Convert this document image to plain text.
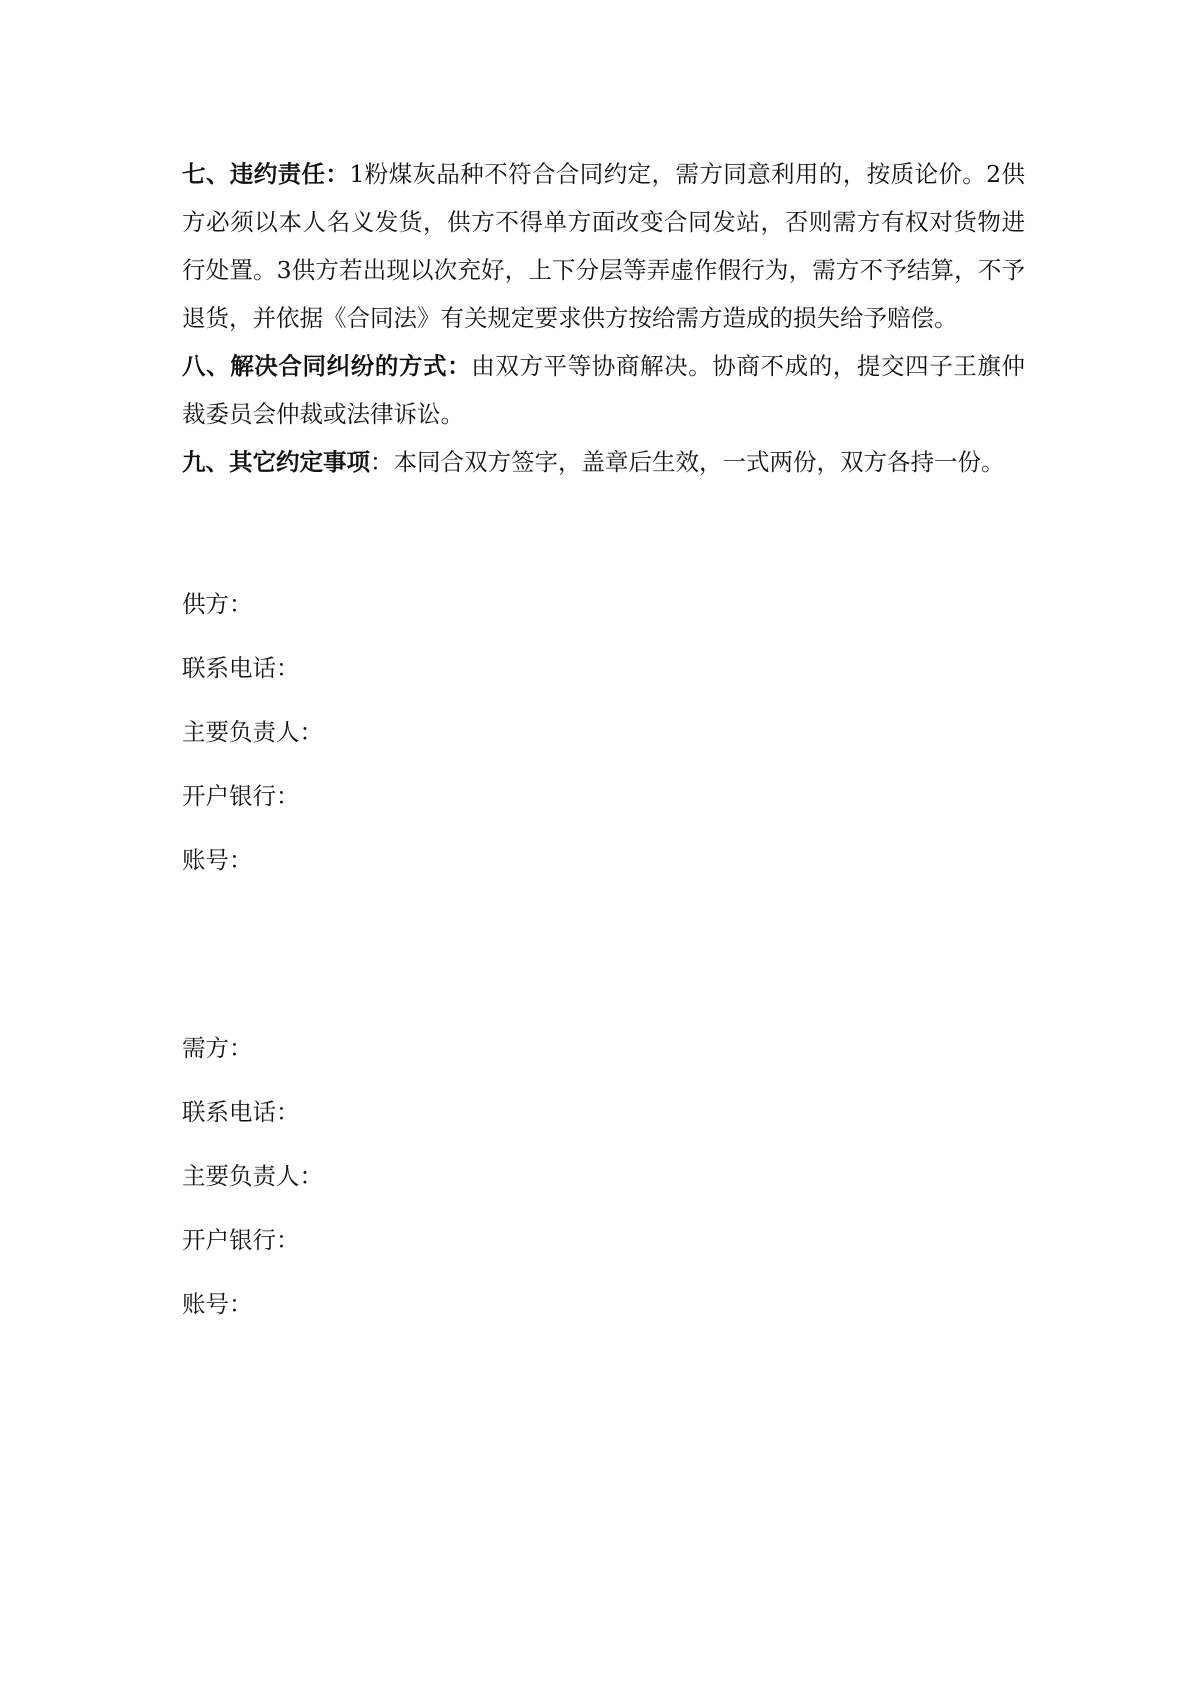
七、违约责任：1粉煤灰品种不符合合同约定，需方同意利用的，按质论价。2供方必须以本人名义发货，供方不得单方面改变合同发站，否则需方有权对货物进行处置。3供方若出现以次充好，上下分层等弄虚作假行为，需方不予结算，不予退货，并依据《合同法》有关规定要求供方按给需方造成的损失给予赔偿。

八、解决合同纠纷的方式：由双方平等协商解决。协商不成的，提交四子王旗仲裁委员会仲裁或法律诉讼。

九、其它约定事项：本同合双方签字，盖章后生效，一式两份，双方各持一份。

供方：
联系电话：
主要负责人：
开户银行：
账号：
需方：
联系电话：
主要负责人：
开户银行：
账号：
